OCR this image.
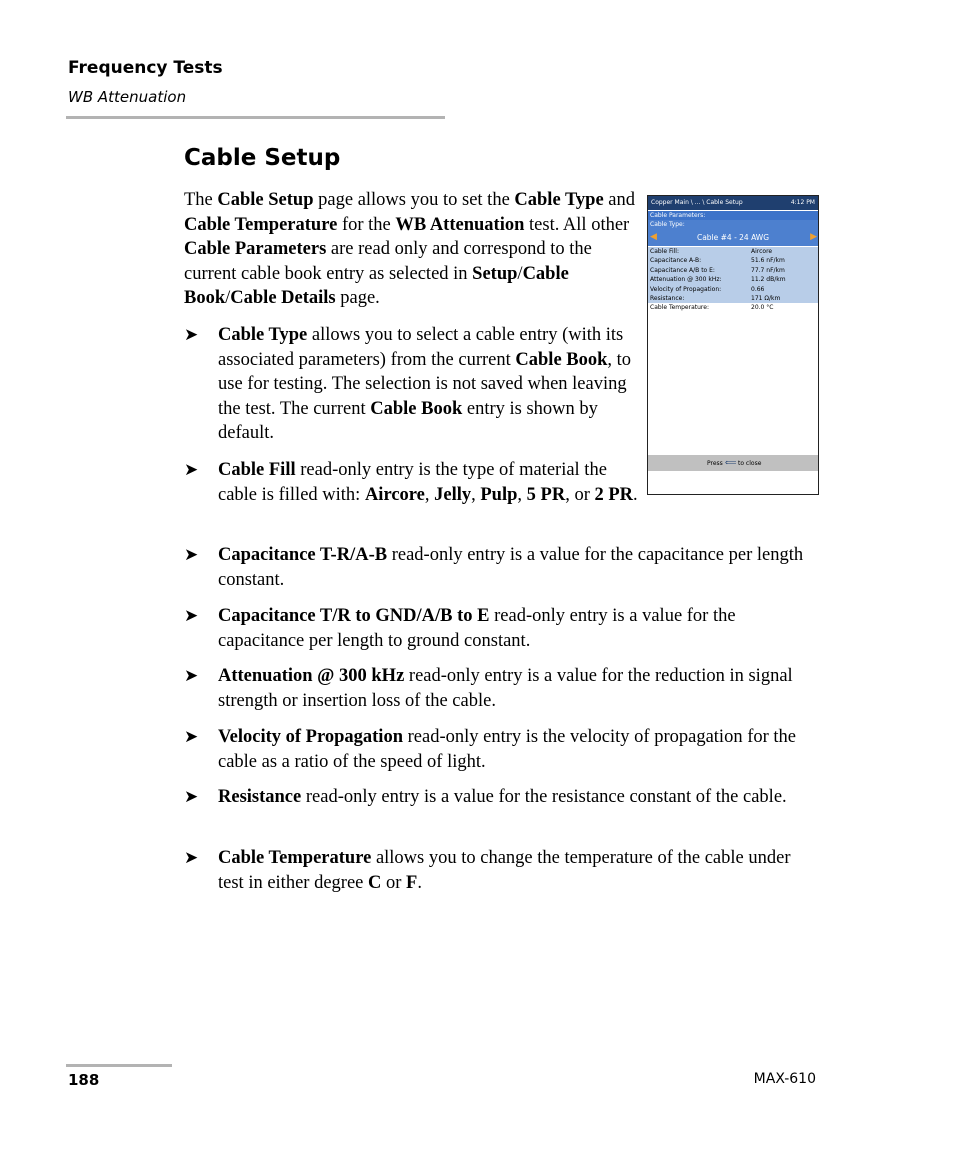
Frequency Tests
WB Attenuation
Cable Setup
The Cable Setup page allows you to set the Cable Type and Cable Temperature for the WB Attenuation test. All other Cable Parameters are read only and correspond to the current cable book entry as selected in Setup/Cable Book/Cable Details page.
➤ Cable Type allows you to select a cable entry (with its associated parameters) from the current Cable Book, to use for testing. The selection is not saved when leaving the test. The current Cable Book entry is shown by default.
➤ Cable Fill read-only entry is the type of material the cable is filled with: Aircore, Jelly, Pulp, 5 PR, or 2 PR.
➤ Capacitance T-R/A-B read-only entry is a value for the capacitance per length constant.
➤ Capacitance T/R to GND/A/B to E read-only entry is a value for the capacitance per length to ground constant.
➤ Attenuation @ 300 kHz read-only entry is a value for the reduction in signal strength or insertion loss of the cable.
➤ Velocity of Propagation read-only entry is the velocity of propagation for the cable as a ratio of the speed of light.
➤ Resistance read-only entry is a value for the resistance constant of the cable.
➤ Cable Temperature allows you to change the temperature of the cable under test in either degree C or F.
Copper Main \ ... \ Cable Setup	4:12 PM
Cable Parameters:
Cable Type:
◀	Cable #4 - 24 AWG	▶
Cable Fill:	Aircore
Capacitance A-B:	51.6 nF/km
Capacitance A/B to E:	77.7 nF/km
Attenuation @ 300 kHz:	11.2 dB/km
Velocity of Propagation:	0.66
Resistance:	171 Ω/km
Cable Temperature:	20.0 °C
Press ⟸ to close
188	MAX-610
